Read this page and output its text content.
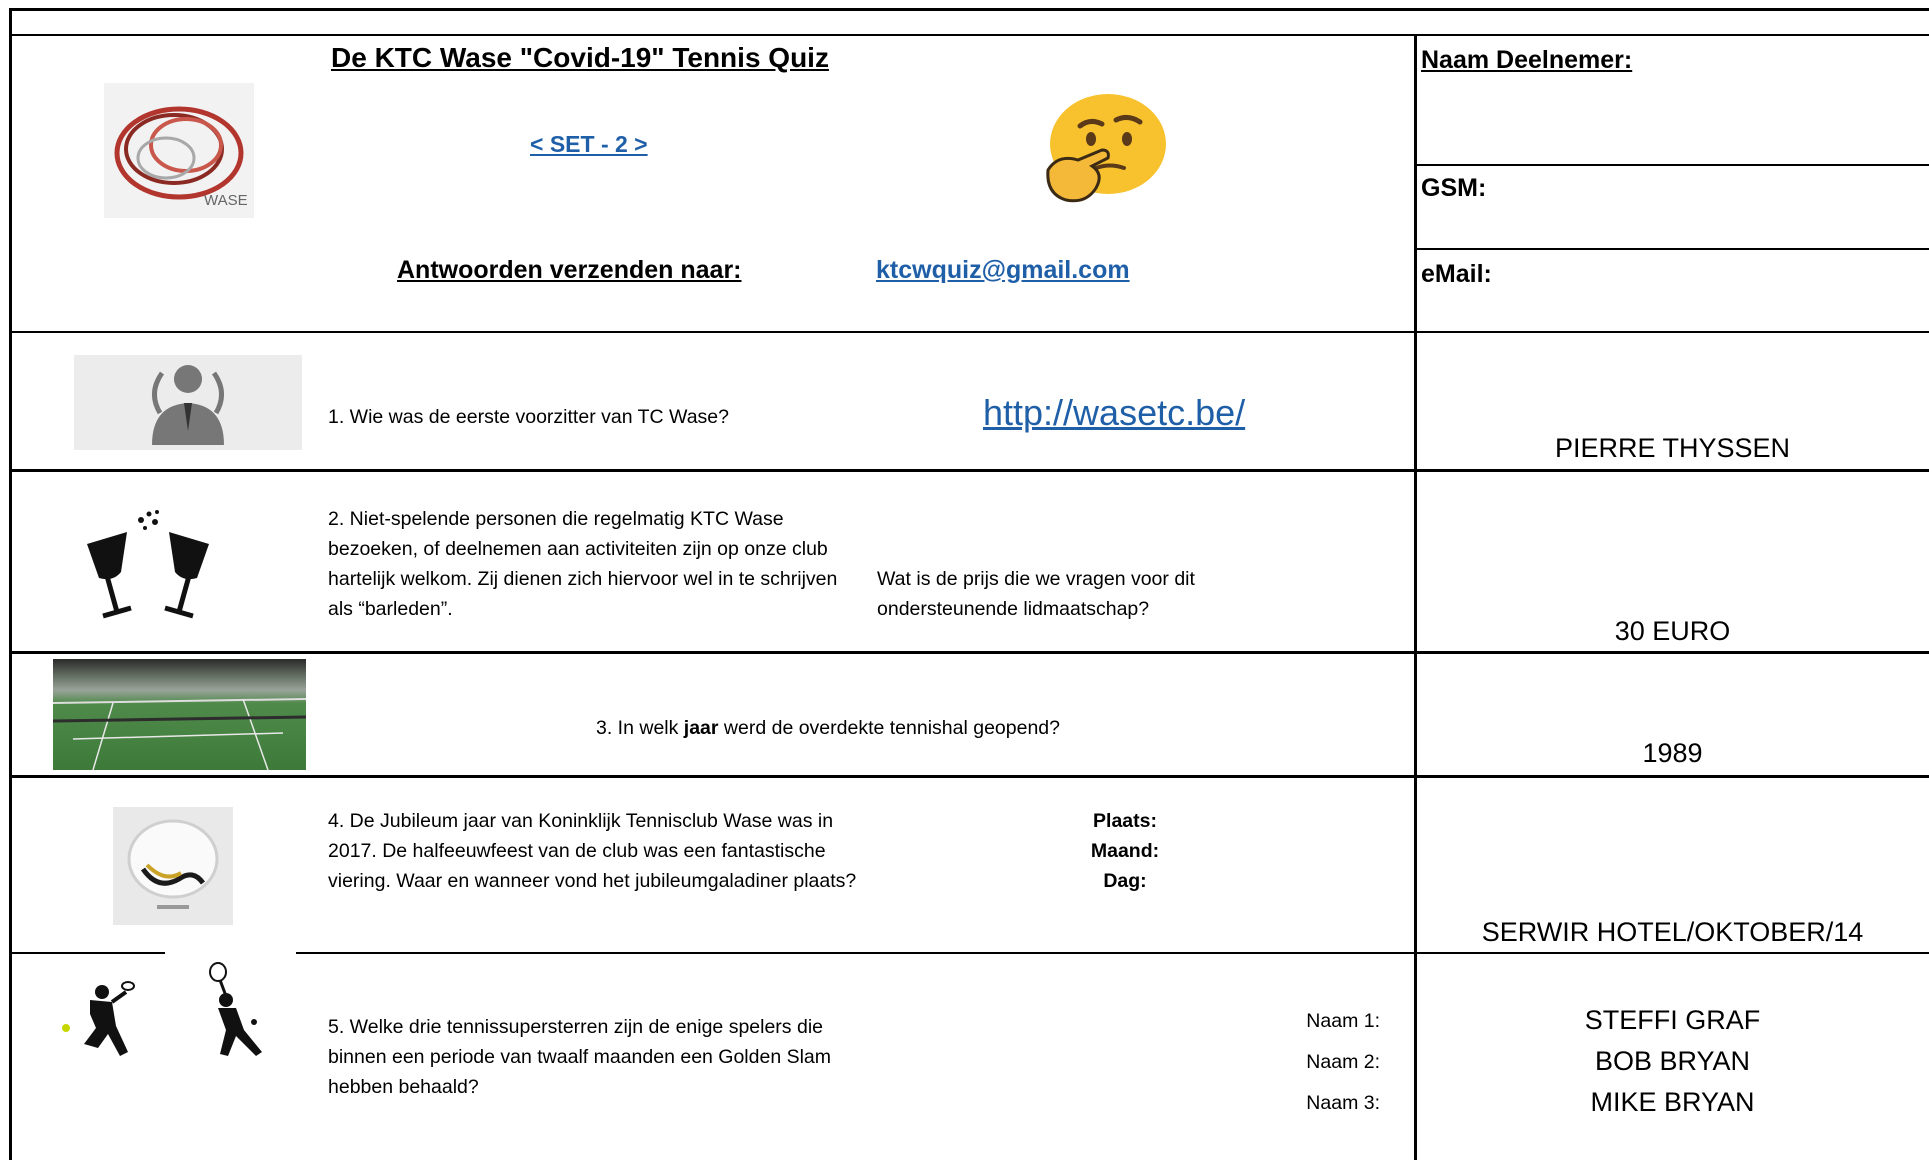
WASE
De KTC Wase "Covid-19" Tennis Quiz
< SET - 2 >
Antwoorden verzenden naar:	ktcwquiz@gmail.com
Naam Deelnemer:
GSM:
eMail:
1. Wie was de eerste voorzitter van TC Wase?	http://wasetc.be/
PIERRE THYSSEN
2. Niet-spelende personen die regelmatig KTC Wase bezoeken, of deelnemen aan activiteiten zijn op onze club hartelijk welkom. Zij dienen zich hiervoor wel in te schrijven als “barleden”.
Wat is de prijs die we vragen voor dit ondersteunende lidmaatschap?
30 EURO
3. In welk jaar werd de overdekte tennishal geopend?
1989
4. De Jubileum jaar van Koninklijk Tennisclub Wase was in 2017. De halfeeuwfeest van de club was een fantastische viering. Waar en wanneer vond het jubileumgaladiner plaats?
Plaats:
Maand:
Dag:
SERWIR HOTEL/OKTOBER/14
5. Welke drie tennissupersterren zijn de enige spelers die binnen een periode van twaalf maanden een Golden Slam hebben behaald?
Naam 1:
Naam 2:
Naam 3:
STEFFI GRAF
BOB BRYAN
MIKE BRYAN
